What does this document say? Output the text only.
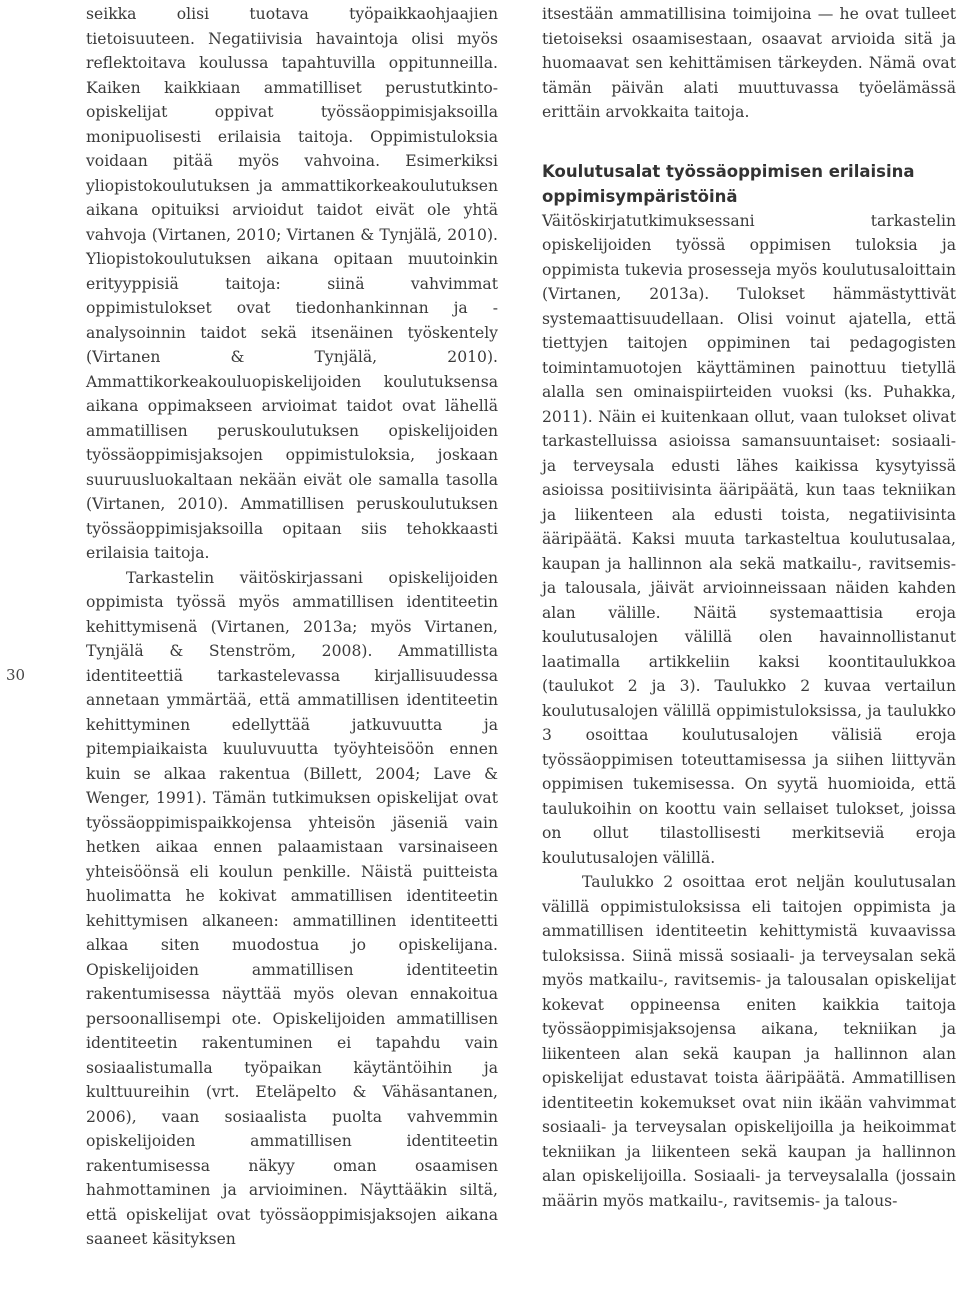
30

seikka olisi tuotava työpaikkaohjaajien tietoisuuteen. Negatiivisia havaintoja olisi myös reflektoitava koulussa tapahtuvilla oppitunneilla. Kaiken kaikkiaan ammatilliset perustutkinto-opiskelijat oppivat työssäoppimisjaksoilla monipuolisesti erilaisia taitoja. Oppimistuloksia voidaan pitää myös vahvoina. Esimerkiksi yliopistokoulutuksen ja ammattikorkeakoulutuksen aikana opituiksi arvioidut taidot eivät ole yhtä vahvoja (Virtanen, 2010; Virtanen & Tynjälä, 2010). Yliopistokoulutuksen aikana opitaan muutoinkin erityyppisiä taitoja: siinä vahvimmat oppimistulokset ovat tiedonhankinnan ja -analysoinnin taidot sekä itsenäinen työskentely (Virtanen & Tynjälä, 2010). Ammattikorkeakouluopiskelijoiden koulutuksensa aikana oppimakseen arvioimat taidot ovat lähellä ammatillisen peruskoulutuksen opiskelijoiden työssäoppimisjaksojen oppimistuloksia, joskaan suuruusluokaltaan nekään eivät ole samalla tasolla (Virtanen, 2010). Ammatillisen peruskoulutuksen työssäoppimisjaksoilla opitaan siis tehokkaasti erilaisia taitoja.

Tarkastelin väitöskirjassani opiskelijoiden oppimista työssä myös ammatillisen identiteetin kehittymisenä (Virtanen, 2013a; myös Virtanen, Tynjälä & Stenström, 2008). Ammatillista identiteettiä tarkastelevassa kirjallisuudessa annetaan ymmärtää, että ammatillisen identiteetin kehittyminen edellyttää jatkuvuutta ja pitempiaikaista kuuluvuutta työyhteisöön ennen kuin se alkaa rakentua (Billett, 2004; Lave & Wenger, 1991). Tämän tutkimuksen opiskelijat ovat työssäoppimispaikkojensa yhteisön jäseniä vain hetken aikaa ennen palaamistaan varsinaiseen yhteisöönsä eli koulun penkille. Näistä puitteista huolimatta he kokivat ammatillisen identiteetin kehittymisen alkaneen: ammatillinen identiteetti alkaa siten muodostua jo opiskelijana. Opiskelijoiden ammatillisen identiteetin rakentumisessa näyttää myös olevan ennakoitua persoonallisempi ote. Opiskelijoiden ammatillisen identiteetin rakentuminen ei tapahdu vain sosiaalistumalla työpaikan käytäntöihin ja kulttuureihin (vrt. Eteläpelto & Vähäsantanen, 2006), vaan sosiaalista puolta vahvemmin opiskelijoiden ammatillisen identiteetin rakentumisessa näkyy oman osaamisen hahmottaminen ja arvioiminen. Näyttääkin siltä, että opiskelijat ovat työssäoppimisjaksojen aikana saaneet käsityksen

itsestään ammatillisina toimijoina — he ovat tulleet tietoiseksi osaamisestaan, osaavat arvioida sitä ja huomaavat sen kehittämisen tärkeyden. Nämä ovat tämän päivän alati muuttuvassa työelämässä erittäin arvokkaita taitoja.

Koulutusalat työssäoppimisen erilaisina oppimisympäristöinä

Väitöskirjatutkimuksessani tarkastelin opiskelijoiden työssä oppimisen tuloksia ja oppimista tukevia prosesseja myös koulutusaloittain (Virtanen, 2013a). Tulokset hämmästyttivät systemaattisuudellaan. Olisi voinut ajatella, että tiettyjen taitojen oppiminen tai pedagogisten toimintamuotojen käyttäminen painottuu tietyllä alalla sen ominaispiirteiden vuoksi (ks. Puhakka, 2011). Näin ei kuitenkaan ollut, vaan tulokset olivat tarkastelluissa asioissa samansuuntaiset: sosiaali- ja terveysala edusti lähes kaikissa kysytyissä asioissa positiivisinta ääripäätä, kun taas tekniikan ja liikenteen ala edusti toista, negatiivisinta ääripäätä. Kaksi muuta tarkasteltua koulutusalaa, kaupan ja hallinnon ala sekä matkailu-, ravitsemis- ja talousala, jäivät arvioinneissaan näiden kahden alan välille. Näitä systemaattisia eroja koulutusalojen välillä olen havainnollistanut laatimalla artikkeliin kaksi koontitaulukkoa (taulukot 2 ja 3). Taulukko 2 kuvaa vertailun koulutusalojen välillä oppimistuloksissa, ja taulukko 3 osoittaa koulutusalojen välisiä eroja työssäoppimisen toteuttamisessa ja siihen liittyvän oppimisen tukemisessa. On syytä huomioida, että taulukoihin on koottu vain sellaiset tulokset, joissa on ollut tilastollisesti merkitseviä eroja koulutusalojen välillä.

Taulukko 2 osoittaa erot neljän koulutusalan välillä oppimistuloksissa eli taitojen oppimista ja ammatillisen identiteetin kehittymistä kuvaavissa tuloksissa. Siinä missä sosiaali- ja terveysalan sekä myös matkailu-, ravitsemis- ja talousalan opiskelijat kokevat oppineensa eniten kaikkia taitoja työssäoppimisjaksojensa aikana, tekniikan ja liikenteen alan sekä kaupan ja hallinnon alan opiskelijat edustavat toista ääripäätä. Ammatillisen identiteetin kokemukset ovat niin ikään vahvimmat sosiaali- ja terveysalan opiskelijoilla ja heikoimmat tekniikan ja liikenteen sekä kaupan ja hallinnon alan opiskelijoilla. Sosiaali- ja terveysalalla (jossain määrin myös matkailu-, ravitsemis- ja talous-
